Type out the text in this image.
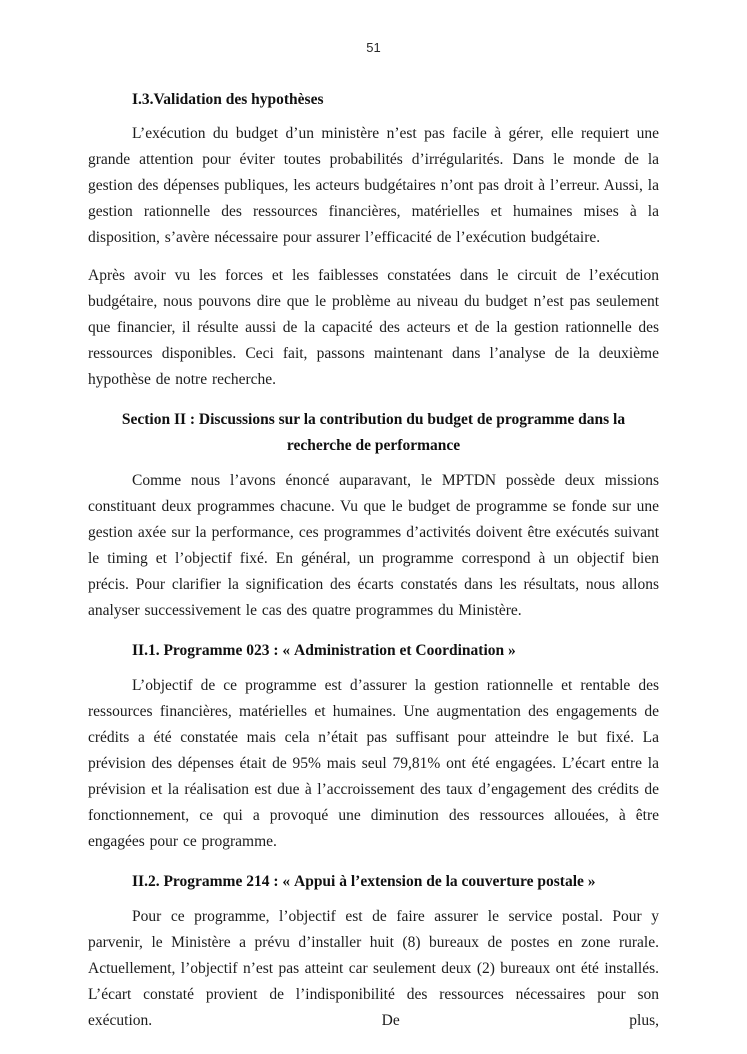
51
I.3.Validation des hypothèses

L’exécution du budget d’un ministère n’est pas facile à gérer, elle requiert une grande attention pour éviter toutes probabilités d’irrégularités. Dans le monde de la gestion des dépenses publiques, les acteurs budgétaires n’ont pas droit à l’erreur. Aussi, la gestion rationnelle des ressources financières, matérielles et humaines mises à la disposition, s’avère nécessaire pour assurer l’efficacité de l’exécution budgétaire.

Après avoir vu les forces et les faiblesses constatées dans le circuit de l’exécution budgétaire, nous pouvons dire que le problème au niveau du budget n’est pas seulement que financier, il résulte aussi de la capacité des acteurs et de la gestion rationnelle des ressources disponibles. Ceci fait, passons maintenant dans l’analyse de la deuxième hypothèse de notre recherche.

Section II : Discussions sur la contribution du budget de programme dans la recherche de performance

Comme nous l’avons énoncé auparavant, le MPTDN possède deux missions constituant deux programmes chacune. Vu que le budget de programme se fonde sur une gestion axée sur la performance, ces programmes d’activités doivent être exécutés suivant le timing et l’objectif fixé. En général, un programme correspond à un objectif bien précis. Pour clarifier la signification des écarts constatés dans les résultats, nous allons analyser successivement le cas des quatre programmes du Ministère.

II.1. Programme 023 : « Administration et Coordination »

L’objectif de ce programme est d’assurer la gestion rationnelle et rentable des ressources financières, matérielles et humaines. Une augmentation des engagements de crédits a été constatée mais cela n’était pas suffisant pour atteindre le but fixé. La prévision des dépenses était de 95% mais seul 79,81% ont été engagées. L’écart entre la prévision et la réalisation est due à l’accroissement des taux d’engagement des crédits de fonctionnement, ce qui a provoqué une diminution des ressources allouées, à être engagées pour ce programme.

II.2. Programme 214 : « Appui à l’extension de la couverture postale »

Pour ce programme, l’objectif est de faire assurer le service postal. Pour y parvenir, le Ministère a prévu d’installer huit (8) bureaux de postes en zone rurale. Actuellement, l’objectif n’est pas atteint car seulement deux (2) bureaux ont été installés. L’écart constaté provient de l’indisponibilité des ressources nécessaires pour son exécution. De plus,
